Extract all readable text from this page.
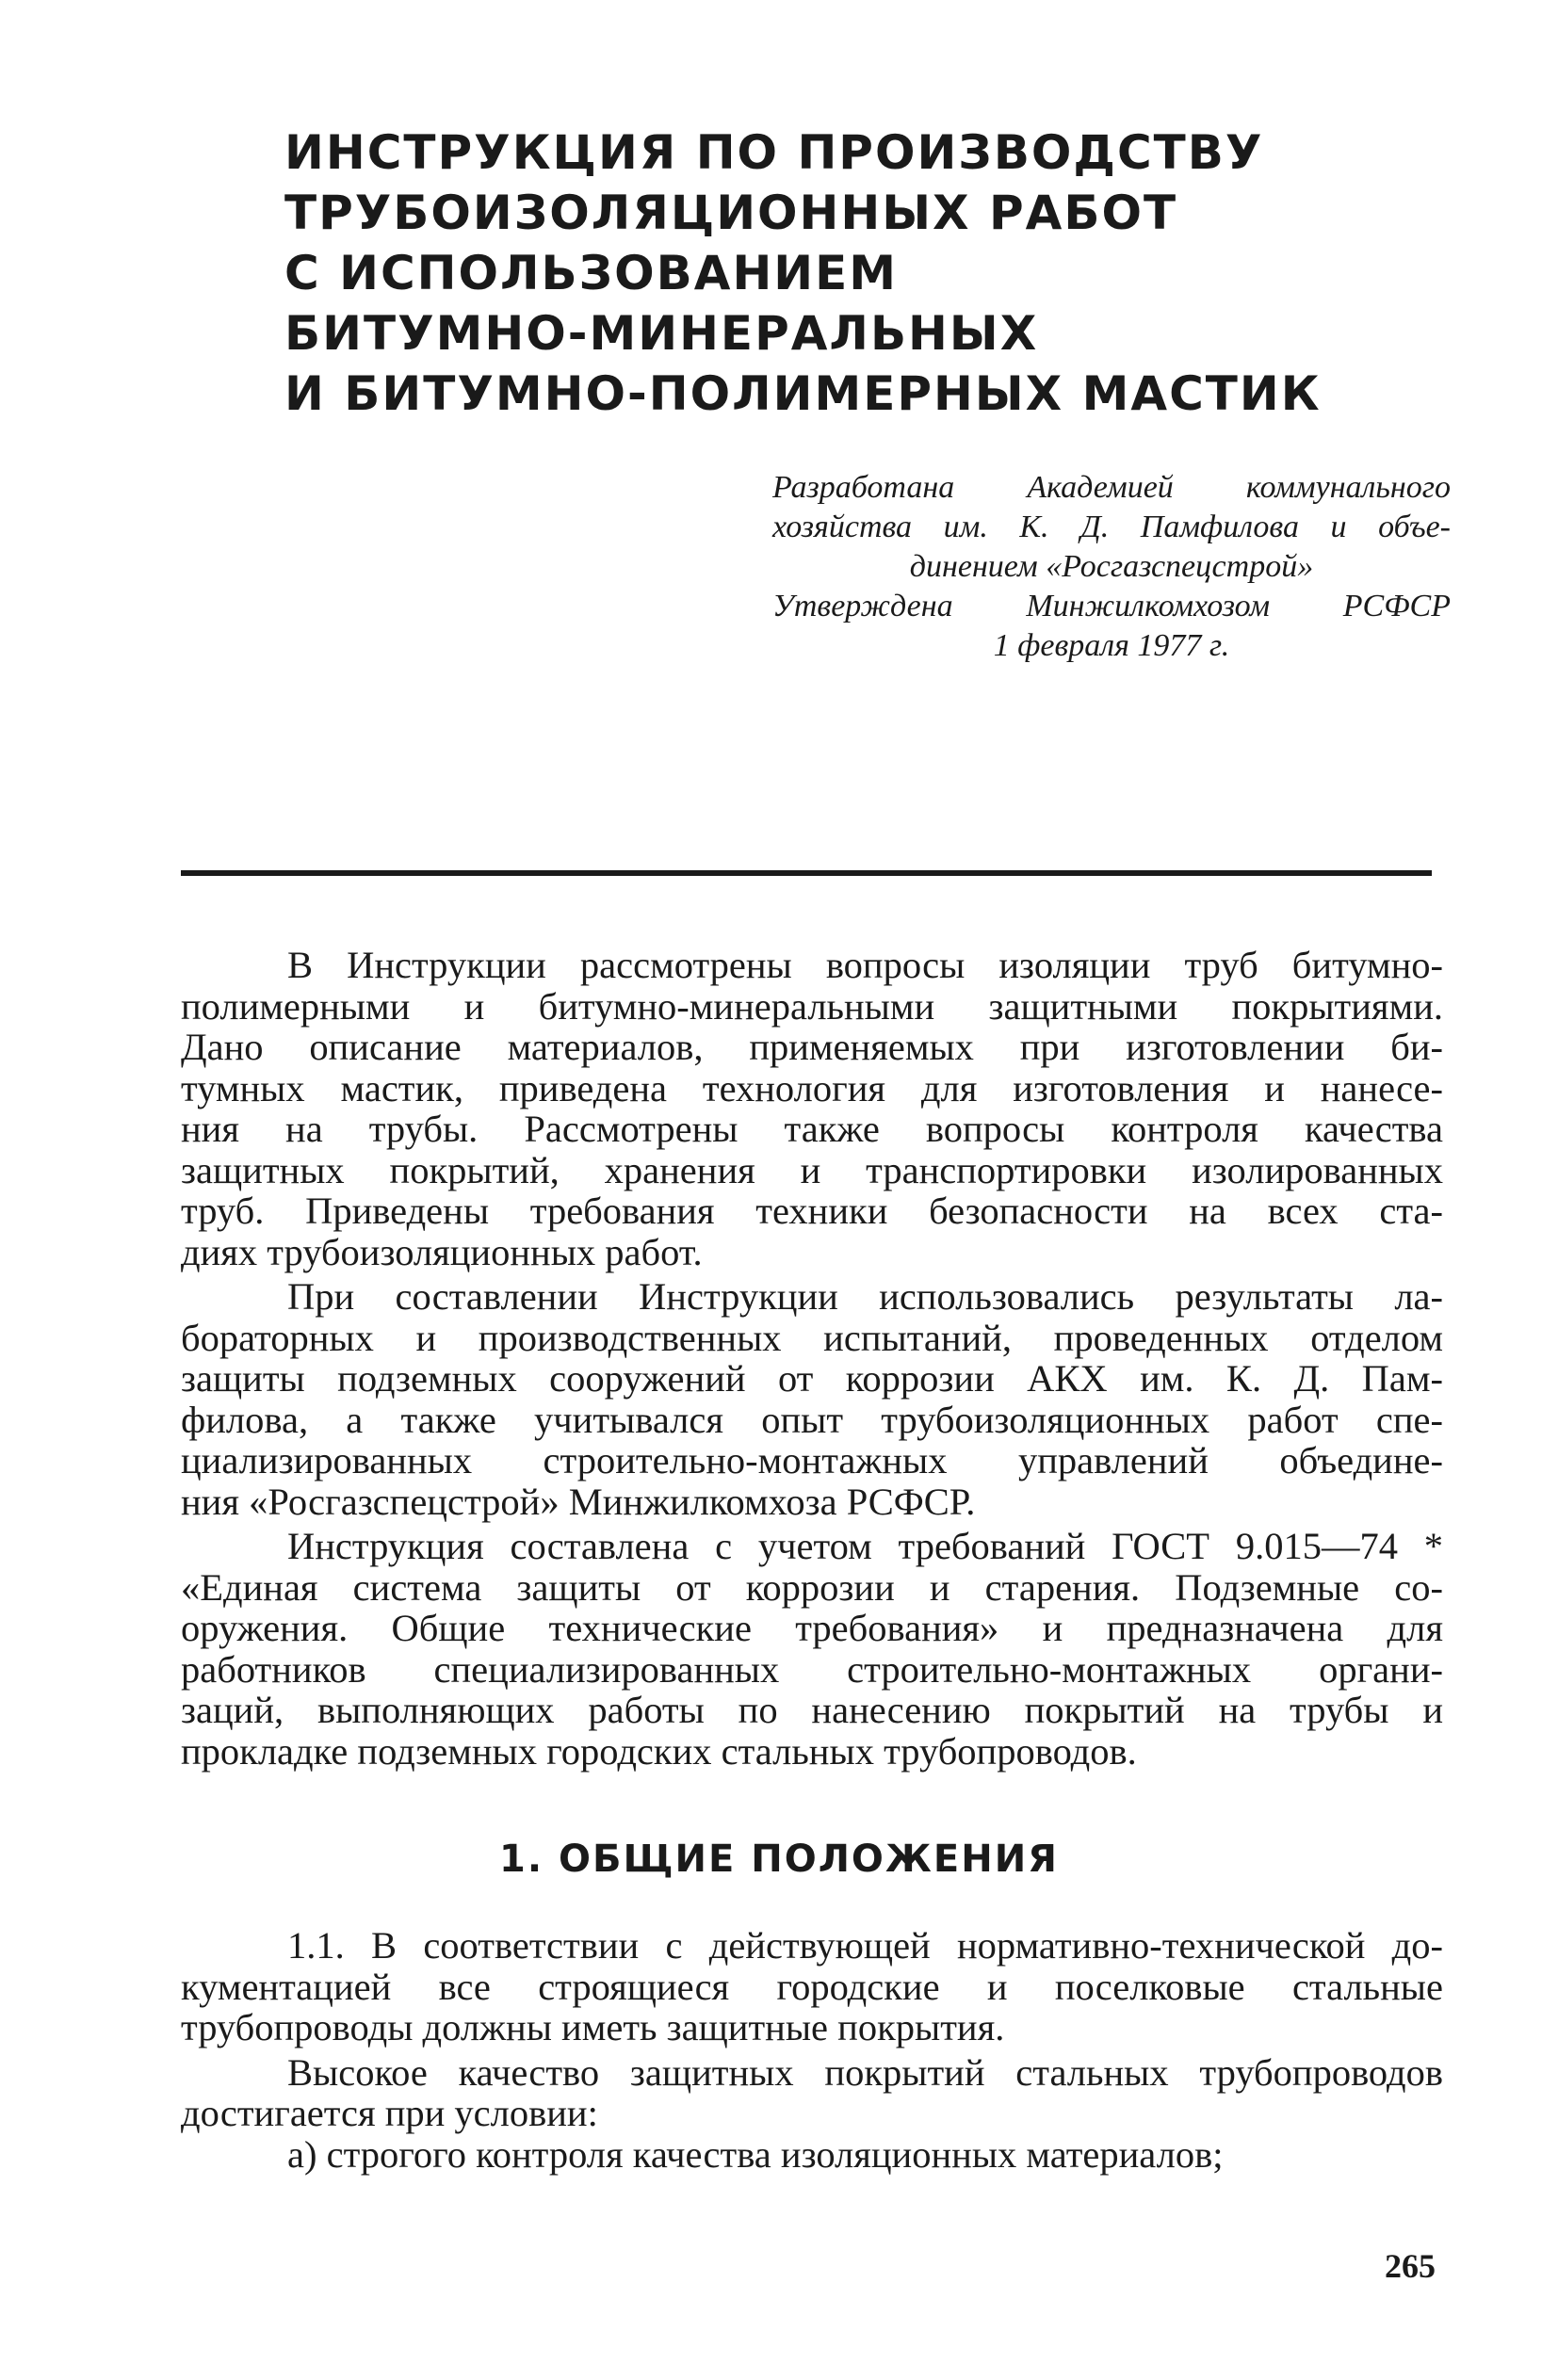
ИНСТРУКЦИЯ ПО ПРОИЗВОДСТВУ
ТРУБОИЗОЛЯЦИОННЫХ РАБОТ
С ИСПОЛЬЗОВАНИЕМ
БИТУМНО-МИНЕРАЛЬНЫХ
И БИТУМНО-ПОЛИМЕРНЫХ МАСТИК
Разработана Академией коммунального
хозяйства им. К. Д. Памфилова и объе-
динением «Росгазспецстрой»
Утверждена Минжилкомхозом РСФСР
1 февраля 1977 г.

В Инструкции рассмотрены вопросы изоляции труб битумно-
полимерными и битумно-минеральными защитными покрытиями.
Дано описание материалов, применяемых при изготовлении би-
тумных мастик, приведена технология для изготовления и нанесе-
ния на трубы. Рассмотрены также вопросы контроля качества
защитных покрытий, хранения и транспортировки изолированных
труб. Приведены требования техники безопасности на всех ста-
диях трубоизоляционных работ.

При составлении Инструкции использовались результаты ла-
бораторных и производственных испытаний, проведенных отделом
защиты подземных сооружений от коррозии АКХ им. К. Д. Пам-
филова, а также учитывался опыт трубоизоляционных работ спе-
циализированных строительно-монтажных управлений объедине-
ния «Росгазспецстрой» Минжилкомхоза РСФСР.

Инструкция составлена с учетом требований ГОСТ 9.015—74 *
«Единая система защиты от коррозии и старения. Подземные со-
оружения. Общие технические требования» и предназначена для
работников специализированных строительно-монтажных органи-
заций, выполняющих работы по нанесению покрытий на трубы и
прокладке подземных городских стальных трубопроводов.

1. ОБЩИЕ ПОЛОЖЕНИЯ

1.1. В соответствии с действующей нормативно-технической до-
кументацией все строящиеся городские и поселковые стальные
трубопроводы должны иметь защитные покрытия.

Высокое качество защитных покрытий стальных трубопроводов
достигается при условии:

а) строгого контроля качества изоляционных материалов;

265
